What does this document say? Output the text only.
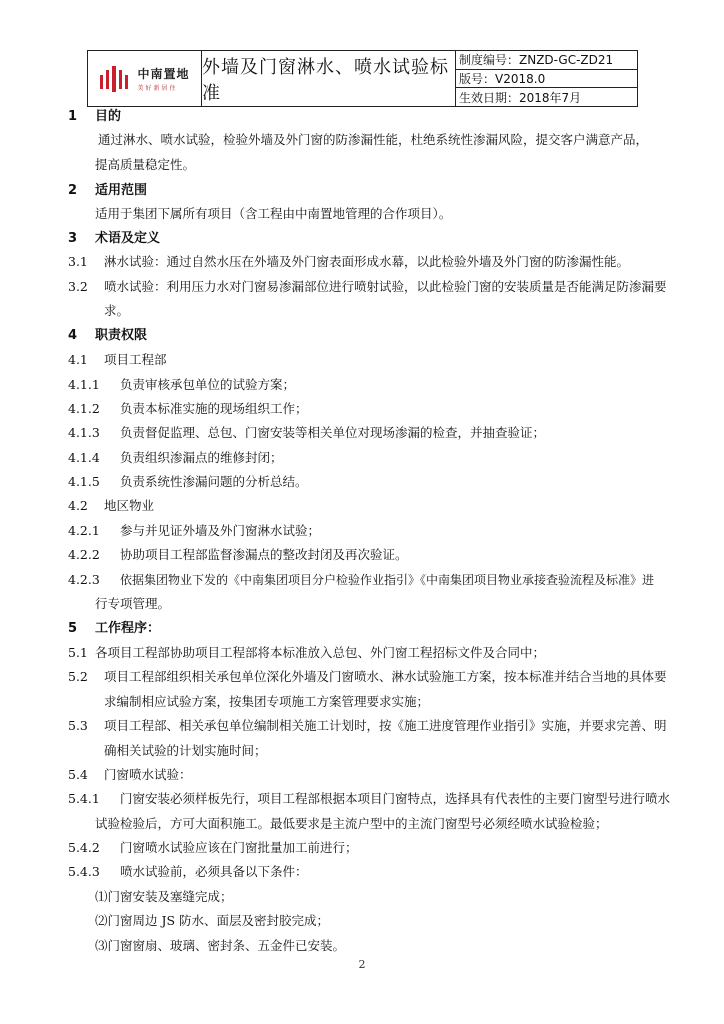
中南置地
美好新居住
外墙及门窗淋水、喷水试验标准
制度编号：ZNZD-GC-ZD21
版号：V2018.0
生效日期：2018年7月
1 目的
通过淋水、喷水试验，检验外墙及外门窗的防渗漏性能，杜绝系统性渗漏风险，提交客户满意产品，
提高质量稳定性。
2 适用范围
适用于集团下属所有项目（含工程由中南置地管理的合作项目）。
3 术语及定义
3.1 淋水试验：通过自然水压在外墙及外门窗表面形成水幕，以此检验外墙及外门窗的防渗漏性能。
3.2 喷水试验：利用压力水对门窗易渗漏部位进行喷射试验，以此检验门窗的安装质量是否能满足防渗漏要
求。
4 职责权限
4.1 项目工程部
4.1.1 负责审核承包单位的试验方案；
4.1.2 负责本标准实施的现场组织工作；
4.1.3 负责督促监理、总包、门窗安装等相关单位对现场渗漏的检查，并抽查验证；
4.1.4 负责组织渗漏点的维修封闭；
4.1.5 负责系统性渗漏问题的分析总结。
4.2 地区物业
4.2.1 参与并见证外墙及外门窗淋水试验；
4.2.2 协助项目工程部监督渗漏点的整改封闭及再次验证。
4.2.3 依据集团物业下发的《中南集团项目分户检验作业指引》《中南集团项目物业承接查验流程及标准》进
行专项管理。
5 工作程序：
5.1 各项目工程部协助项目工程部将本标准放入总包、外门窗工程招标文件及合同中；
5.2 项目工程部组织相关承包单位深化外墙及门窗喷水、淋水试验施工方案，按本标准并结合当地的具体要
求编制相应试验方案，按集团专项施工方案管理要求实施；
5.3 项目工程部、相关承包单位编制相关施工计划时，按《施工进度管理作业指引》实施，并要求完善、明
确相关试验的计划实施时间；
5.4 门窗喷水试验：
5.4.1 门窗安装必须样板先行，项目工程部根据本项目门窗特点，选择具有代表性的主要门窗型号进行喷水
试验检验后，方可大面积施工。最低要求是主流户型中的主流门窗型号必须经喷水试验检验；
5.4.2 门窗喷水试验应该在门窗批量加工前进行；
5.4.3 喷水试验前，必须具备以下条件：
⑴门窗安装及塞缝完成；
⑵门窗周边 JS 防水、面层及密封胶完成；
⑶门窗窗扇、玻璃、密封条、五金件已安装。
2
